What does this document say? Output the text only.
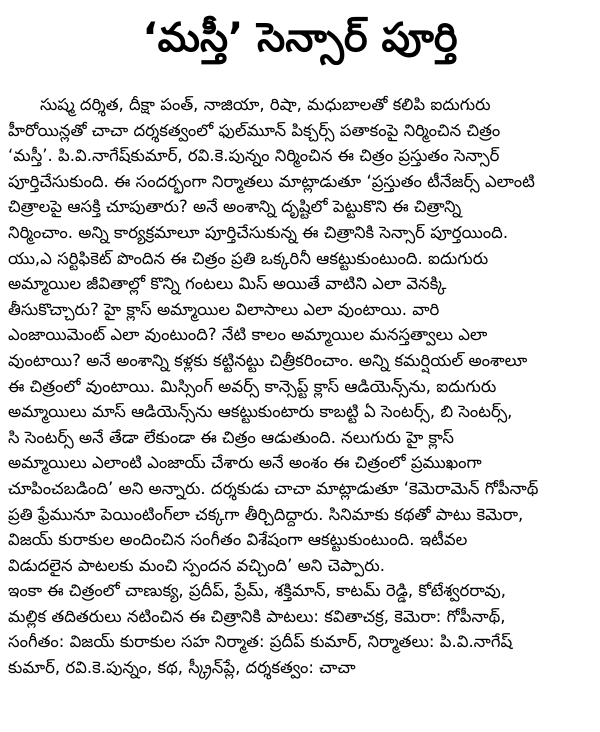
‘మస్తీ’ సెన్సార్ పూర్తి
సుష్మ దర్శిత, దీక్షా పంత్, నాజియా, రిషా, మధుబాలతో కలిపి ఐదుగురు
హీరోయిన్లతో చాచా దర్శకత్వంలో ఫుల్‌మూన్ పిక్చర్స్ పతాకంపై నిర్మించిన చిత్రం
‘మస్తీ’. పి.వి.నాగేష్‌కుమార్, రవి.కె.పున్నం నిర్మించిన ఈ చిత్రం ప్రస్తుతం సెన్సార్
పూర్తిచేసుకుంది. ఈ సందర్భంగా నిర్మాతలు మాట్లాడుతూ ‘ప్రస్తుతం టీనేజర్స్ ఎలాంటి
చిత్రాలపై ఆసక్తి చూపుతారు? అనే అంశాన్ని దృష్టిలో పెట్టుకొని ఈ చిత్రాన్ని
నిర్మించాం. అన్ని కార్యక్రమాలూ పూర్తిచేసుకున్న ఈ చిత్రానికి సెన్సార్ పూర్తయింది.
యు,ఎ సర్టిఫికెట్ పొందిన ఈ చిత్రం ప్రతి ఒక్కరినీ ఆకట్టుకుంటుంది. ఐదుగురు
అమ్మాయిల జీవితాల్లో కొన్ని గంటలు మిస్ అయితే వాటిని ఎలా వెనక్కి
తీసుకొచ్చారు? హై క్లాస్ అమ్మాయిల విలాసాలు ఎలా వుంటాయి. వారి
ఎంజాయిమెంట్ ఎలా వుంటుంది? నేటి కాలం అమ్మాయిల మనస్తత్వాలు ఎలా
వుంటాయి? అనే అంశాన్ని కళ్లకు కట్టినట్టు చిత్రీకరించాం. అన్ని కమర్షియల్ అంశాలూ
ఈ చిత్రంలో వుంటాయి. మిస్సింగ్ అవర్స్ కాన్సెప్ట్ క్లాస్ ఆడియెన్స్‌ను, ఐదుగురు
అమ్మాయిలు మాస్ ఆడియెన్స్‌ను ఆకట్టుకుంటారు కాబట్టి ఏ సెంటర్స్, బి సెంటర్స్,
సి సెంటర్స్ అనే తేడా లేకుండా ఈ చిత్రం ఆడుతుంది. నలుగురు హై క్లాస్
అమ్మాయిలు ఎలాంటి ఎంజాయ్ చేశారు అనే అంశం ఈ చిత్రంలో ప్రముఖంగా
చూపించబడింది’ అని అన్నారు. దర్శకుడు చాచా మాట్లాడుతూ ‘కెమెరామెన్ గోపీనాథ్
ప్రతి ఫ్రేమునూ పెయింటింగ్‌లా చక్కగా తీర్చిదిద్దారు. సినిమాకు కథతో పాటు కెమెరా,
విజయ్ కురాకుల అందించిన సంగీతం విశేషంగా ఆకట్టుకుంటుంది. ఇటీవల
విడుదలైన పాటలకు మంచి స్పందన వచ్చింది’ అని చెప్పారు.
ఇంకా ఈ చిత్రంలో చాణుక్య, ప్రదీప్, ప్రేమ్, శక్తిమాన్, కాటమ్ రెడ్డి, కోటేశ్వరరావు,
మల్లిక తదితరులు నటించిన ఈ చిత్రానికి పాటలు: కవితాచక్ర, కెమెరా: గోపీనాథ్,
సంగీతం: విజయ్ కురాకుల సహ నిర్మాత: ప్రదీప్ కుమార్, నిర్మాతలు: పి.వి.నాగేష్
కుమార్, రవి.కె.పున్నం, కథ, స్క్రీన్‌ప్లే, దర్శకత్వం: చాచా
